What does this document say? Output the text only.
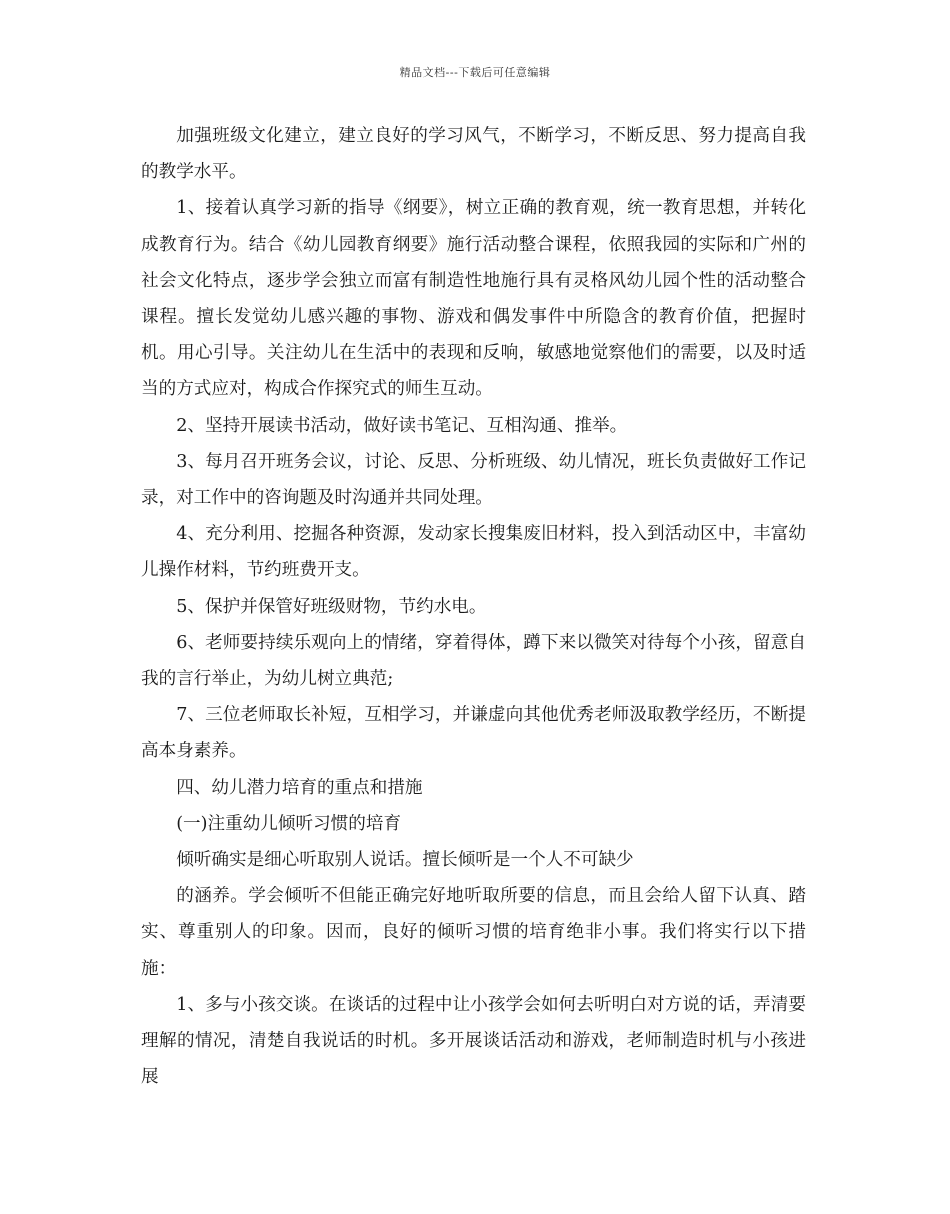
精品文档---下载后可任意编辑

加强班级文化建立，建立良好的学习风气，不断学习，不断反思、努力提高自我的教学水平。

1、接着认真学习新的指导《纲要》，树立正确的教育观，统一教育思想，并转化成教育行为。结合《幼儿园教育纲要》施行活动整合课程，依照我园的实际和广州的社会文化特点，逐步学会独立而富有制造性地施行具有灵格风幼儿园个性的活动整合课程。擅长发觉幼儿感兴趣的事物、游戏和偶发事件中所隐含的教育价值，把握时机。用心引导。关注幼儿在生活中的表现和反响，敏感地觉察他们的需要，以及时适当的方式应对，构成合作探究式的师生互动。

2、坚持开展读书活动，做好读书笔记、互相沟通、推举。

3、每月召开班务会议，讨论、反思、分析班级、幼儿情况，班长负责做好工作记录，对工作中的咨询题及时沟通并共同处理。

4、充分利用、挖掘各种资源，发动家长搜集废旧材料，投入到活动区中，丰富幼儿操作材料，节约班费开支。

5、保护并保管好班级财物，节约水电。

6、老师要持续乐观向上的情绪，穿着得体，蹲下来以微笑对待每个小孩，留意自我的言行举止，为幼儿树立典范;

7、三位老师取长补短，互相学习，并谦虚向其他优秀老师汲取教学经历，不断提高本身素养。

四、幼儿潜力培育的重点和措施

(一)注重幼儿倾听习惯的培育

倾听确实是细心听取别人说话。擅长倾听是一个人不可缺少

的涵养。学会倾听不但能正确完好地听取所要的信息，而且会给人留下认真、踏实、尊重别人的印象。因而，良好的倾听习惯的培育绝非小事。我们将实行以下措施：

1、多与小孩交谈。在谈话的过程中让小孩学会如何去听明白对方说的话，弄清要理解的情况，清楚自我说话的时机。多开展谈话活动和游戏，老师制造时机与小孩进展
